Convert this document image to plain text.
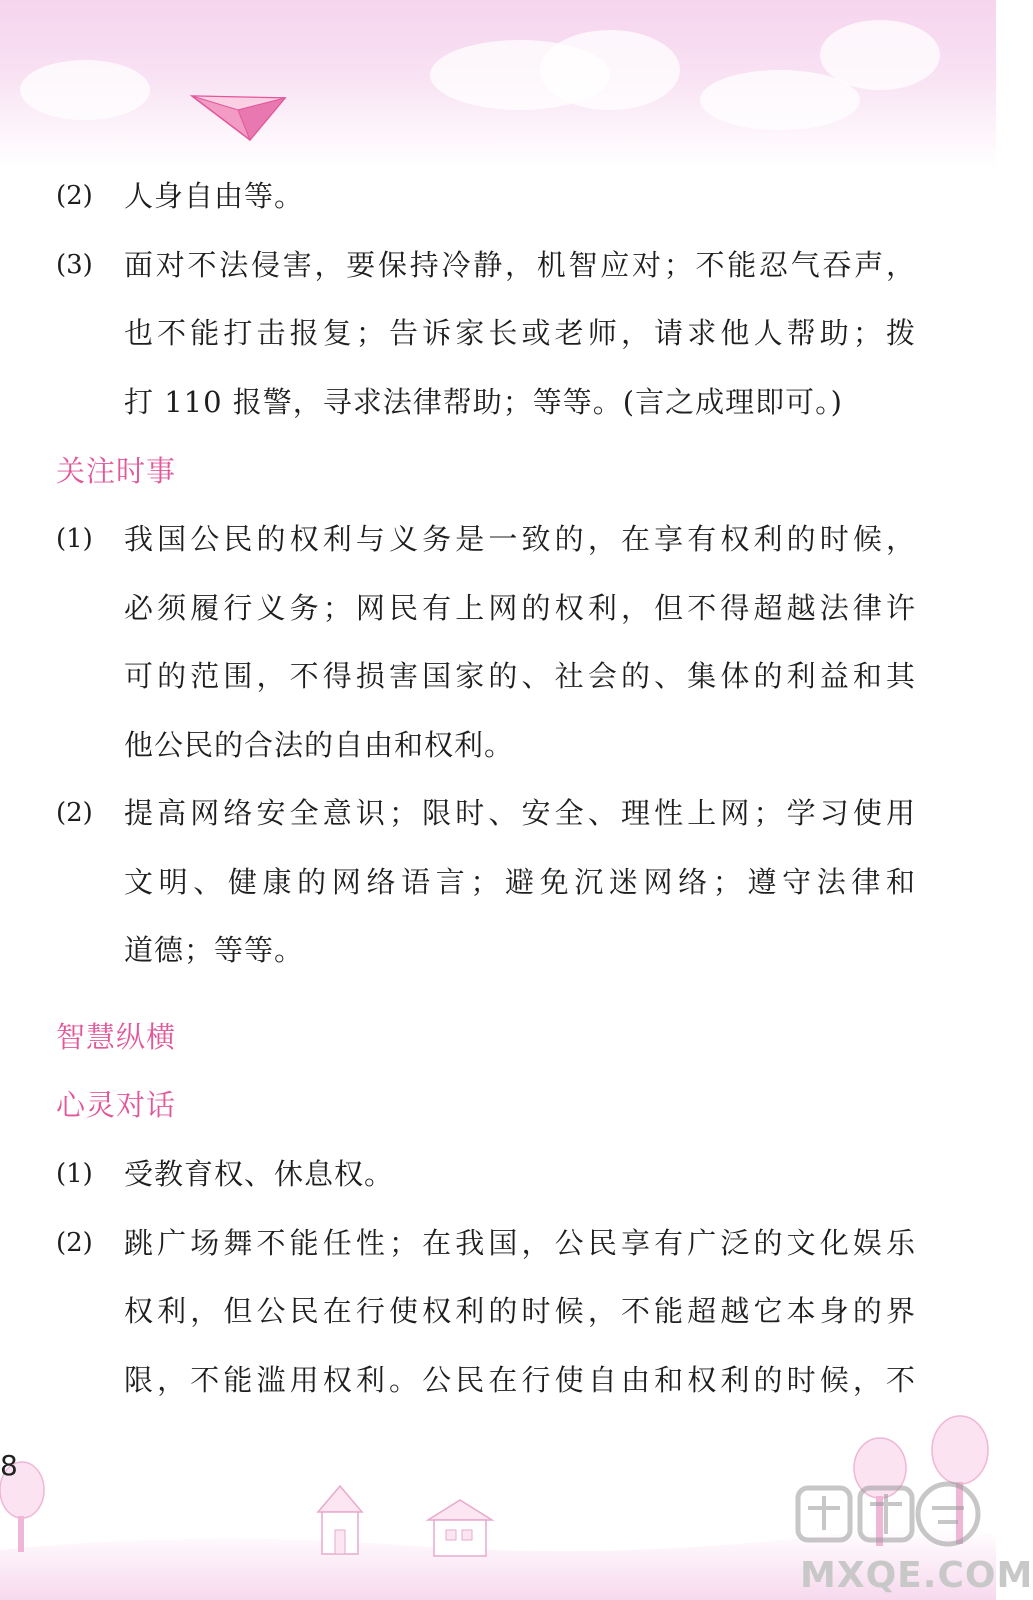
(2) 人身自由等。
(3) 面对不法侵害，要保持冷静，机智应对；不能忍气吞声，
也不能打击报复；告诉家长或老师，请求他人帮助；拨
打 110 报警，寻求法律帮助；等等。(言之成理即可。)
关注时事
(1) 我国公民的权利与义务是一致的，在享有权利的时候，
必须履行义务；网民有上网的权利，但不得超越法律许
可的范围，不得损害国家的、社会的、集体的利益和其
他公民的合法的自由和权利。
(2) 提高网络安全意识；限时、安全、理性上网；学习使用
文明、健康的网络语言；避免沉迷网络；遵守法律和
道德；等等。
智慧纵横
心灵对话
(1) 受教育权、休息权。
(2) 跳广场舞不能任性；在我国，公民享有广泛的文化娱乐
权利，但公民在行使权利的时候，不能超越它本身的界
限，不能滥用权利。公民在行使自由和权利的时候，不
8
MXQE.COM
